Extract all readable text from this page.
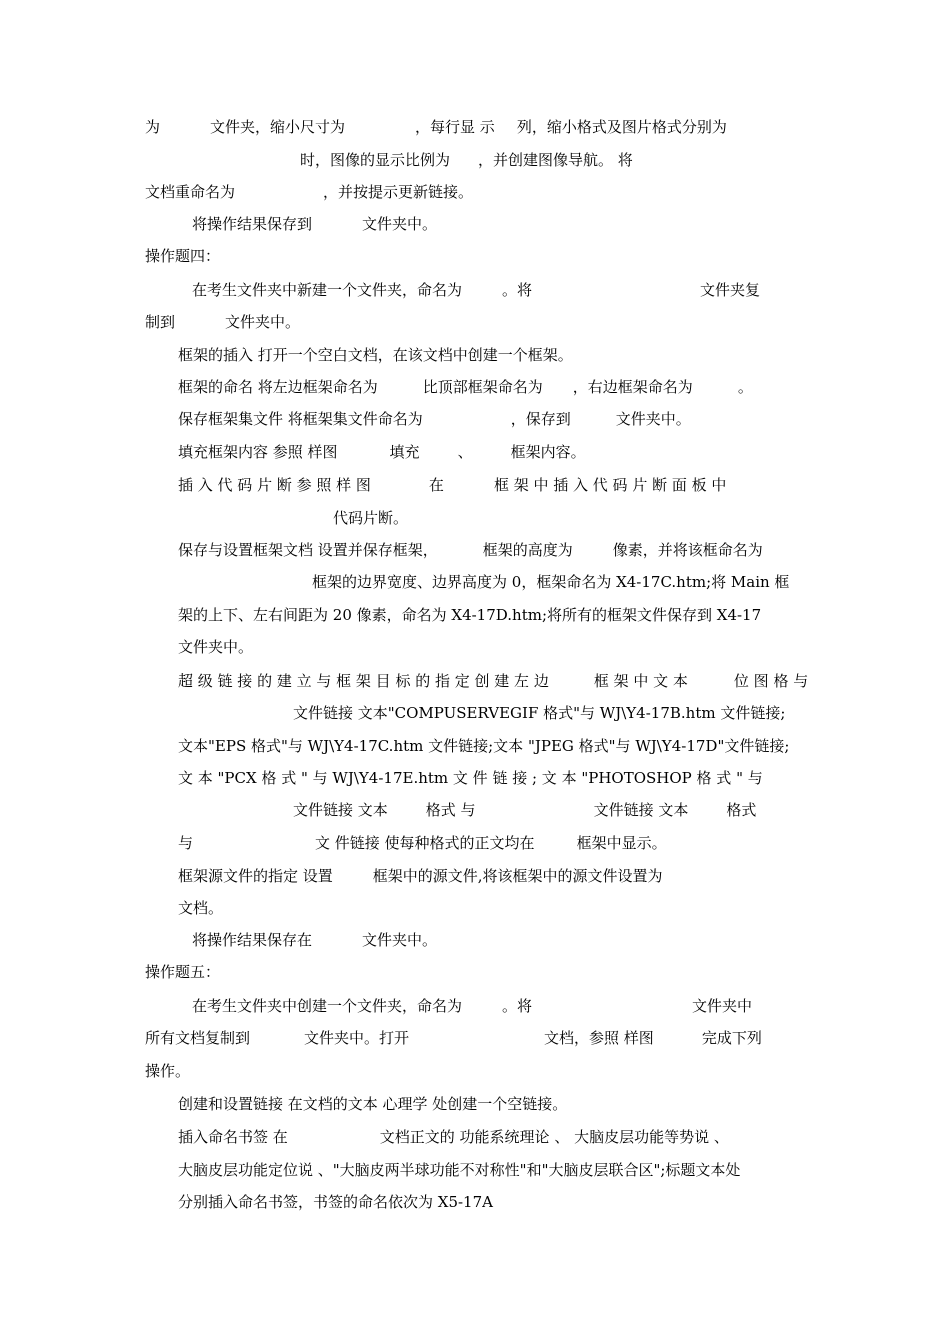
为	文件夹，缩小尺寸为	，每行显 示 列，缩小格式及图片格式分别为
时，图像的显示比例为 ，并创建图像导航。 将
文档重命名为	，并按提示更新链接。
将操作结果保存到	文件夹中。
操作题四：
在考生文件夹中新建一个文件夹，命名为	。将	文件夹复
制到	文件夹中。
框架的插入 打开一个空白文档，在该文档中创建一个框架。
框架的命名 将左边框架命名为	比顶部框架命名为 ，右边框架命名为	。
保存框架集文件 将框架集文件命名为	，保存到	文件夹中。
填充框架内容 参照 样图	填充	、	框架内容。
插 入 代 码 片 断 参 照 样 图	在	框 架 中 插 入 代 码 片 断 面 板 中
代码片断。
保存与设置框架文档 设置并保存框架，	框架的高度为	像素，并将该框命名为
框架的边界宽度、边界高度为 0，框架命名为 X4-17C.htm;将 Main 框
架的上下、左右间距为 20 像素，命名为 X4-17D.htm;将所有的框架文件保存到 X4-17
文件夹中。
超 级 链 接 的 建 立 与 框 架 目 标 的 指 定 创 建 左 边	框 架 中 文 本	位 图 格 与
文件链接 文本"COMPUSERVEGIF 格式"与 WJ\Y4-17B.htm 文件链接;
文本"EPS 格式"与 WJ\Y4-17C.htm 文件链接;文本 "JPEG 格式"与 WJ\Y4-17D"文件链接;
文 本 "PCX 格 式 " 与 WJ\Y4-17E.htm 文 件 链 接 ; 文 本 "PHOTOSHOP 格 式 " 与
文件链接 文本	格式 与	文件链接 文本	格式
与	文 件链接 使每种格式的正文均在	框架中显示。
框架源文件的指定 设置	框架中的源文件,将该框架中的源文件设置为
文档。
将操作结果保存在	文件夹中。
操作题五：
在考生文件夹中创建一个文件夹，命名为	。将	文件夹中
所有文档复制到	文件夹中。打开	文档，参照 样图	完成下列
操作。
创建和设置链接 在文档的文本 心理学 处创建一个空链接。
插入命名书签 在	文档正文的 功能系统理论 、 大脑皮层功能等势说 、
大脑皮层功能定位说 、"大脑皮两半球功能不对称性"和"大脑皮层联合区";标题文本处
分别插入命名书签，书签的命名依次为 X5-17A
